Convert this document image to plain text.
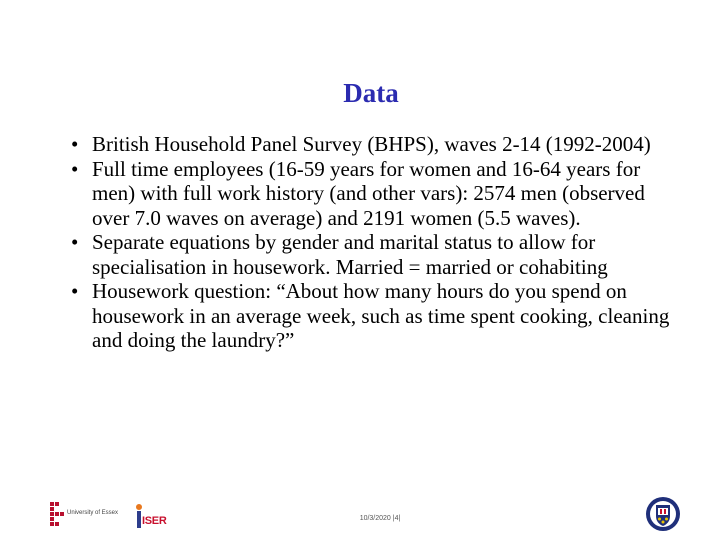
Data
• British Household Panel Survey (BHPS), waves 2-14 (1992-2004)
• Full time employees (16-59 years for women and 16-64 years for men) with full work history (and other vars): 2574 men (observed over 7.0 waves on average) and 2191 women (5.5 waves).
• Separate equations by gender and marital status to allow for specialisation in housework. Married = married or cohabiting
• Housework question: “About how many hours do you spend on housework in an average week, such as time spent cooking, cleaning and doing the laundry?”
University of Essex
ISER	10/3/2020 |4|
